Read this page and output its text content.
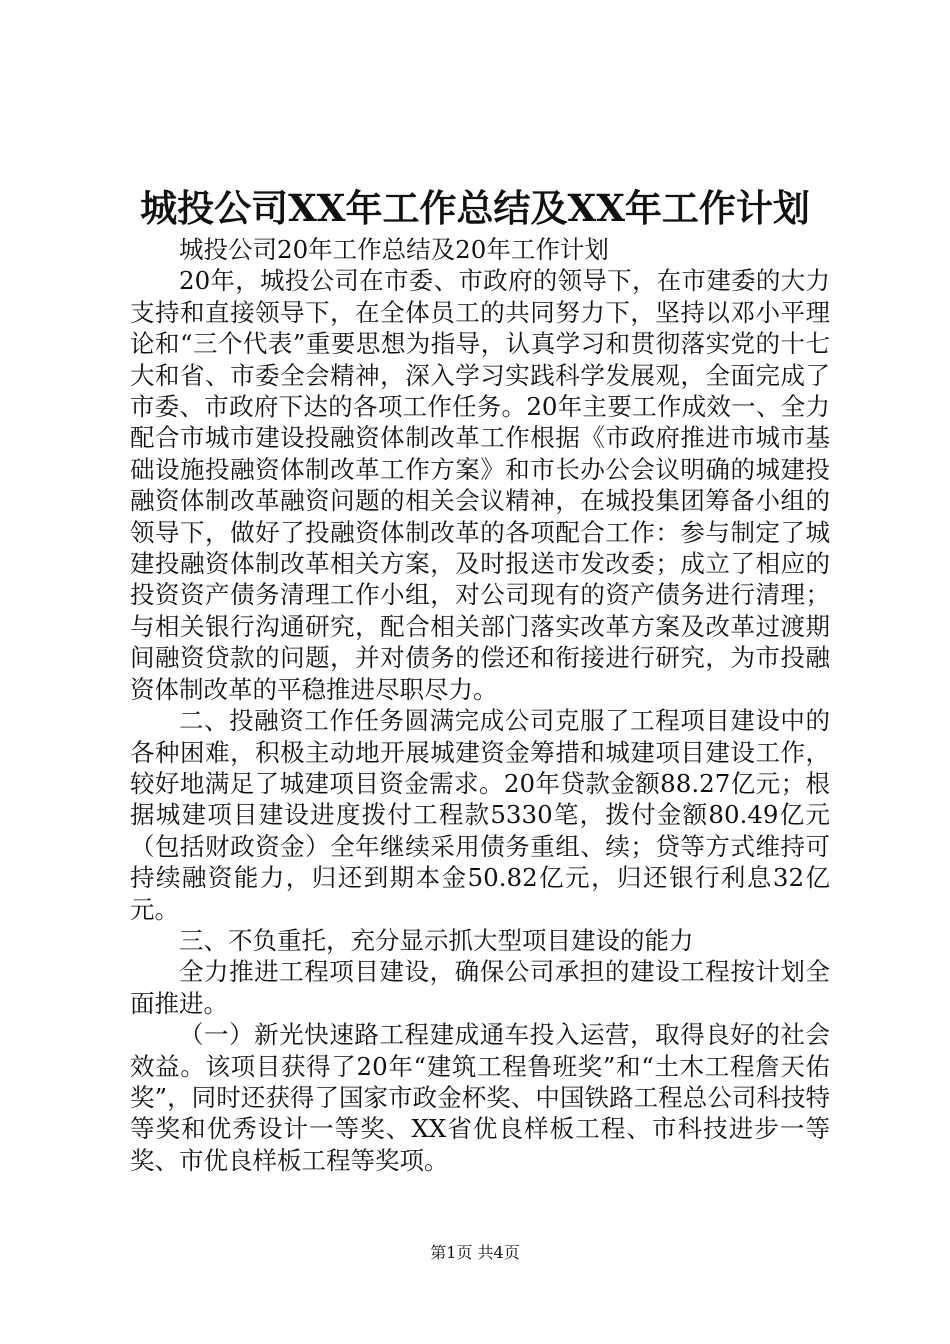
城投公司XX年工作总结及XX年工作计划

城投公司20年工作总结及20年工作计划

20年，城投公司在市委、市政府的领导下，在市建委的大力支持和直接领导下，在全体员工的共同努力下，坚持以邓小平理论和“三个代表”重要思想为指导，认真学习和贯彻落实党的十七大和省、市委全会精神，深入学习实践科学发展观，全面完成了市委、市政府下达的各项工作任务。20年主要工作成效一、全力配合市城市建设投融资体制改革工作根据《市政府推进市城市基础设施投融资体制改革工作方案》和市长办公会议明确的城建投融资体制改革融资问题的相关会议精神，在城投集团筹备小组的领导下，做好了投融资体制改革的各项配合工作：参与制定了城建投融资体制改革相关方案，及时报送市发改委；成立了相应的投资资产债务清理工作小组，对公司现有的资产债务进行清理；与相关银行沟通研究，配合相关部门落实改革方案及改革过渡期间融资贷款的问题，并对债务的偿还和衔接进行研究，为市投融资体制改革的平稳推进尽职尽力。

二、投融资工作任务圆满完成公司克服了工程项目建设中的各种困难，积极主动地开展城建资金筹措和城建项目建设工作，较好地满足了城建项目资金需求。20年贷款金额88.27亿元；根据城建项目建设进度拨付工程款5330笔，拨付金额80.49亿元（包括财政资金）全年继续采用债务重组、续；贷等方式维持可持续融资能力，归还到期本金50.82亿元，归还银行利息32亿元。

三、不负重托，充分显示抓大型项目建设的能力

全力推进工程项目建设，确保公司承担的建设工程按计划全面推进。

（一）新光快速路工程建成通车投入运营，取得良好的社会效益。该项目获得了20年“建筑工程鲁班奖”和“土木工程詹天佑奖”，同时还获得了国家市政金杯奖、中国铁路工程总公司科技特等奖和优秀设计一等奖、XX省优良样板工程、市科技进步一等奖、市优良样板工程等奖项。

第1页 共4页
